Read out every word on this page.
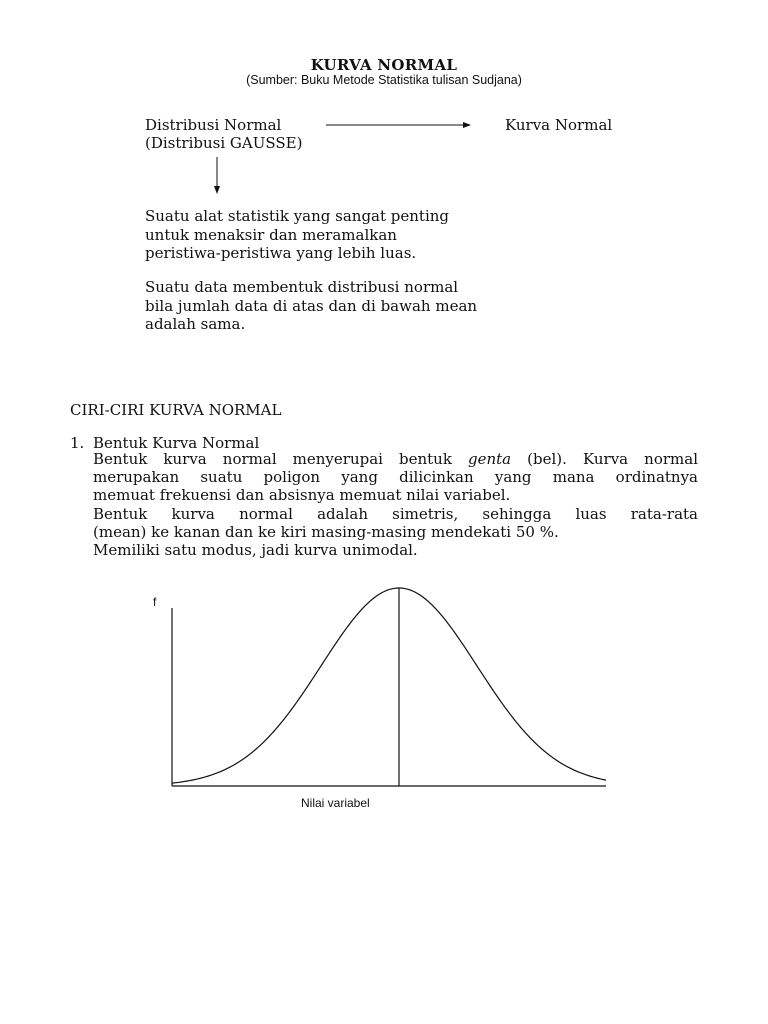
KURVA NORMAL
(Sumber: Buku Metode Statistika tulisan Sudjana)
Distribusi Normal
(Distribusi GAUSSE)
Kurva Normal
Suatu alat statistik yang sangat penting
untuk menaksir dan meramalkan
peristiwa-peristiwa yang lebih luas.
Suatu data membentuk distribusi normal
bila jumlah data di atas dan di bawah mean
adalah sama.
CIRI-CIRI KURVA NORMAL
1. Bentuk Kurva Normal
Bentuk kurva normal menyerupai bentuk genta (bel). Kurva normal
merupakan suatu poligon yang dilicinkan yang mana ordinatnya
memuat frekuensi dan absisnya memuat nilai variabel.
Bentuk kurva normal adalah simetris, sehingga luas rata-rata
(mean) ke kanan dan ke kiri masing-masing mendekati 50 %.
Memiliki satu modus, jadi kurva unimodal.
f
Nilai variabel
